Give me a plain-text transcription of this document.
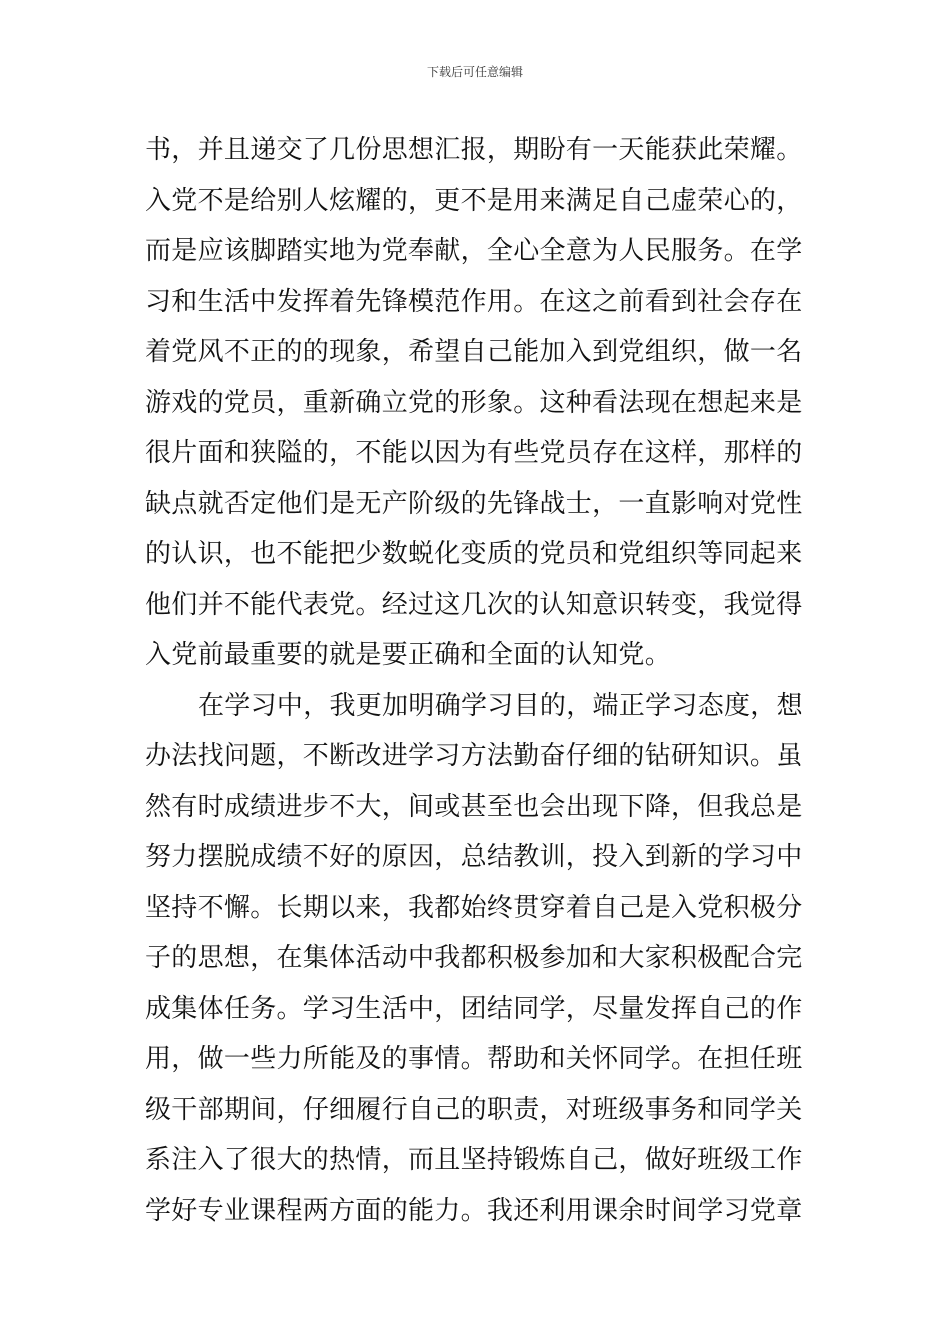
下载后可任意编辑
书，并且递交了几份思想汇报，期盼有一天能获此荣耀。
入党不是给别人炫耀的，更不是用来满足自己虚荣心的，
而是应该脚踏实地为党奉献，全心全意为人民服务。在学
习和生活中发挥着先锋模范作用。在这之前看到社会存在
着党风不正的的现象，希望自己能加入到党组织，做一名
游戏的党员，重新确立党的形象。这种看法现在想起来是
很片面和狭隘的，不能以因为有些党员存在这样，那样的
缺点就否定他们是无产阶级的先锋战士，一直影响对党性
的认识，也不能把少数蜕化变质的党员和党组织等同起来
他们并不能代表党。经过这几次的认知意识转变，我觉得
入党前最重要的就是要正确和全面的认知党。
在学习中，我更加明确学习目的，端正学习态度，想
办法找问题，不断改进学习方法勤奋仔细的钻研知识。虽
然有时成绩进步不大，间或甚至也会出现下降，但我总是
努力摆脱成绩不好的原因，总结教训，投入到新的学习中
坚持不懈。长期以来，我都始终贯穿着自己是入党积极分
子的思想，在集体活动中我都积极参加和大家积极配合完
成集体任务。学习生活中，团结同学，尽量发挥自己的作
用，做一些力所能及的事情。帮助和关怀同学。在担任班
级干部期间，仔细履行自己的职责，对班级事务和同学关
系注入了很大的热情，而且坚持锻炼自己，做好班级工作
学好专业课程两方面的能力。我还利用课余时间学习党章
